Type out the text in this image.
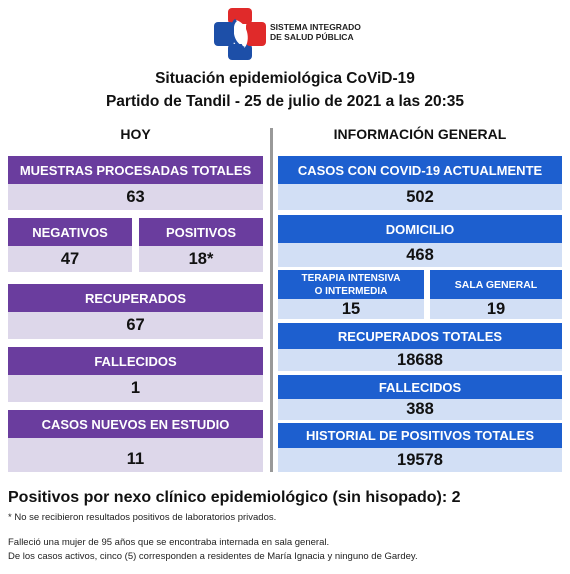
SISTEMA INTEGRADO
DE SALUD PÚBLICA
Situación epidemiológica CoViD-19
Partido de Tandil - 25 de julio de 2021 a las 20:35
HOY	INFORMACIÓN GENERAL
MUESTRAS PROCESADAS TOTALES
63
NEGATIVOS
47
POSITIVOS
18*
RECUPERADOS
67
FALLECIDOS
1
CASOS NUEVOS EN ESTUDIO
11
CASOS CON COVID-19 ACTUALMENTE
502
DOMICILIO
468
TERAPIA INTENSIVA
O INTERMEDIA
15
SALA GENERAL
19
RECUPERADOS TOTALES
18688
FALLECIDOS
388
HISTORIAL DE POSITIVOS TOTALES
19578
Positivos por nexo clínico epidemiológico (sin hisopado): 2
* No se recibieron resultados positivos de laboratorios privados.
Falleció una mujer de 95 años que se encontraba internada en sala general.
De los casos activos, cinco (5) corresponden a residentes de María Ignacia y ninguno de Gardey.
